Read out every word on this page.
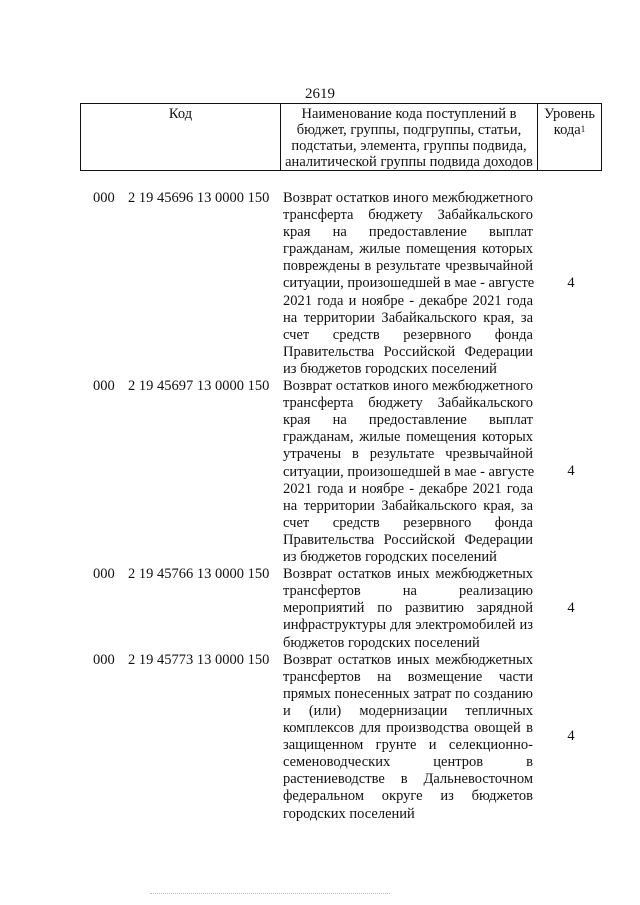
2619
Код	Наименование кода поступлений в
бюджет, группы, подгруппы, статьи,
подстатьи, элемента, группы подвида,
аналитической группы подвида доходов
Уровень
кода$^1$
000 2 19 45696 13 0000 150 Возврат остатков иного межбюджетного
трансферта бюджету Забайкальского
края на предоставление выплат
гражданам, жилые помещения которых
повреждены в результате чрезвычайной
ситуации, произошедшей в мае - августе
2021 года и ноябре - декабре 2021 года
на территории Забайкальского края, за
счет средств резервного фонда
Правительства Российской Федерации
из бюджетов городских поселений
4
000 2 19 45697 13 0000 150 Возврат остатков иного межбюджетного
трансферта бюджету Забайкальского
края на предоставление выплат
гражданам, жилые помещения которых
утрачены в результате чрезвычайной
ситуации, произошедшей в мае - августе
2021 года и ноябре - декабре 2021 года
на территории Забайкальского края, за
счет средств резервного фонда
Правительства Российской Федерации
из бюджетов городских поселений
4
000 2 19 45766 13 0000 150 Возврат остатков иных межбюджетных
трансфертов на реализацию
мероприятий по развитию зарядной
инфраструктуры для электромобилей из
бюджетов городских поселений
4
000 2 19 45773 13 0000 150 Возврат остатков иных межбюджетных
трансфертов на возмещение части
прямых понесенных затрат по созданию
и (или) модернизации тепличных
комплексов для производства овощей в
защищенном грунте и селекционно-
семеноводческих центров в
растениеводстве в Дальневосточном
федеральном округе из бюджетов
городских поселений
4
